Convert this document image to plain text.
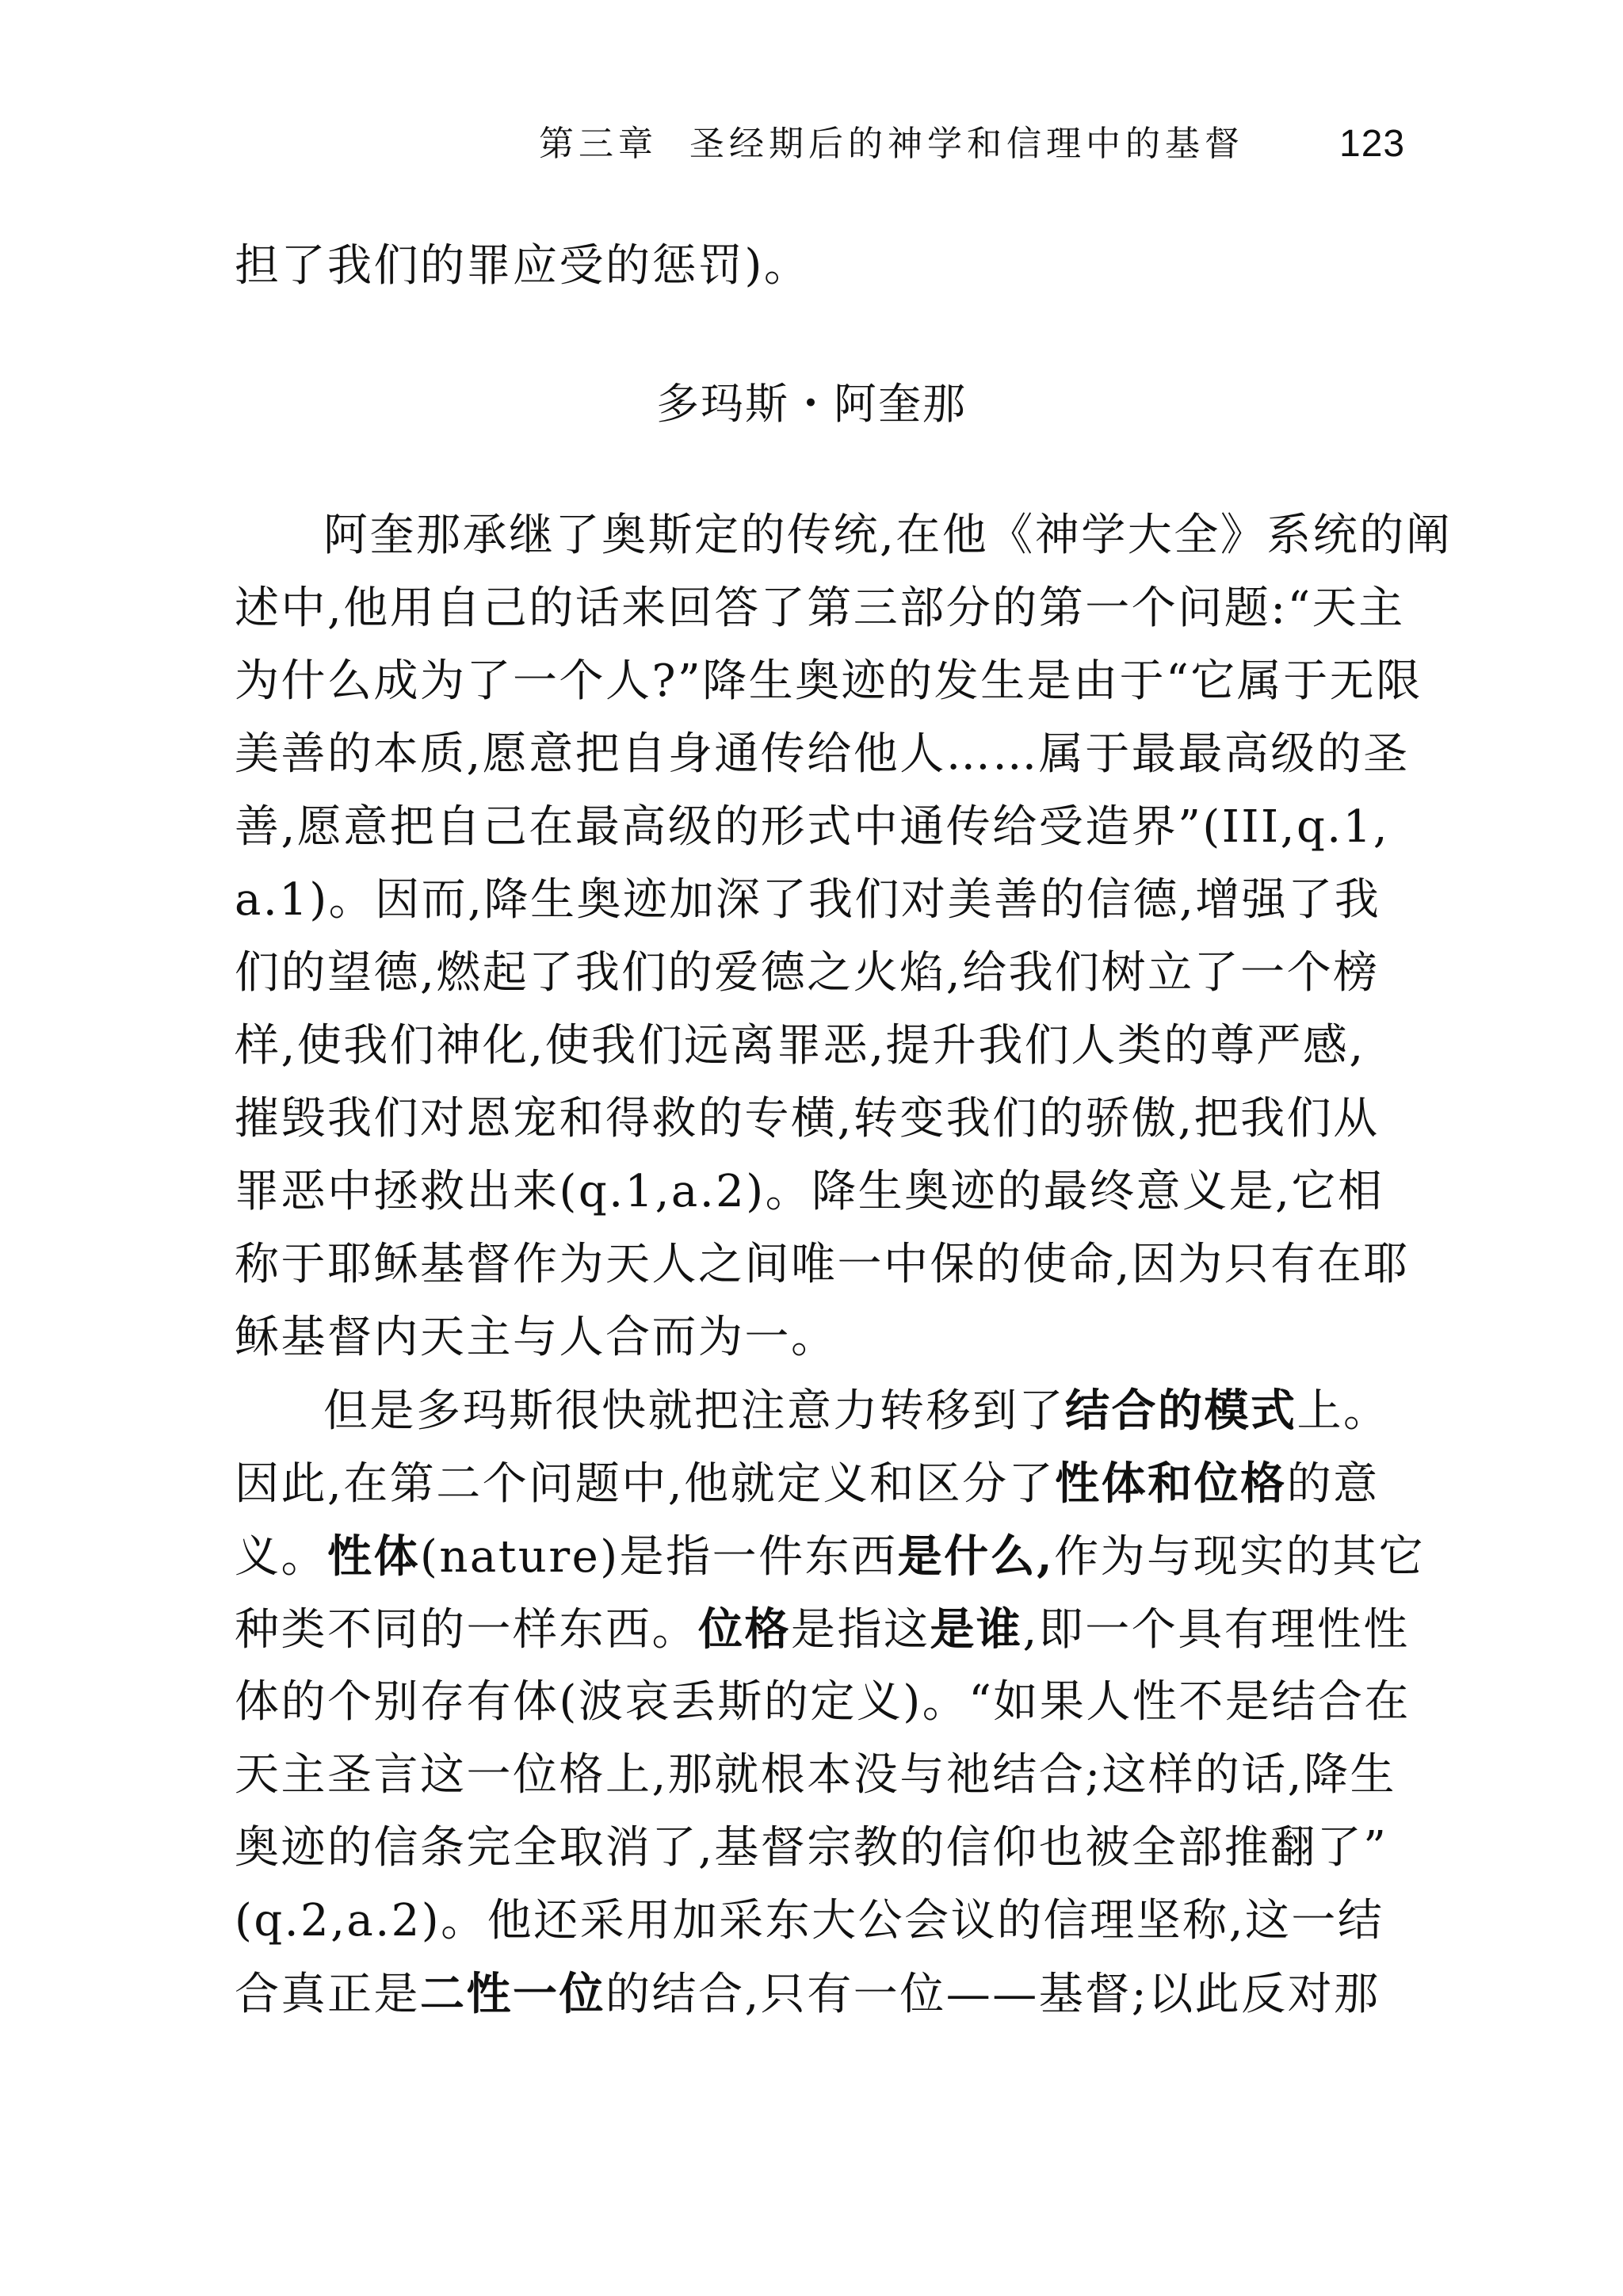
第三章 圣经期后的神学和信理中的基督	123
担了我们的罪应受的惩罚)。
多玛斯・阿奎那
阿奎那承继了奥斯定的传统,在他《神学大全》系统的阐
述中,他用自己的话来回答了第三部分的第一个问题:“天主
为什么成为了一个人?”降生奥迹的发生是由于“它属于无限
美善的本质,愿意把自身通传给他人……属于最最高级的圣
善,愿意把自己在最高级的形式中通传给受造界”(III,q.1,
a.1)。因而,降生奥迹加深了我们对美善的信德,增强了我
们的望德,燃起了我们的爱德之火焰,给我们树立了一个榜
样,使我们神化,使我们远离罪恶,提升我们人类的尊严感,
摧毁我们对恩宠和得救的专横,转变我们的骄傲,把我们从
罪恶中拯救出来(q.1,a.2)。降生奥迹的最终意义是,它相
称于耶稣基督作为天人之间唯一中保的使命,因为只有在耶
稣基督内天主与人合而为一。
但是多玛斯很快就把注意力转移到了结合的模式上。
因此,在第二个问题中,他就定义和区分了性体和位格的意
义。性体(nature)是指一件东西是什么,作为与现实的其它
种类不同的一样东西。位格是指这是谁,即一个具有理性性
体的个别存有体(波哀丢斯的定义)。“如果人性不是结合在
天主圣言这一位格上,那就根本没与祂结合;这样的话,降生
奥迹的信条完全取消了,基督宗教的信仰也被全部推翻了”
(q.2,a.2)。他还采用加采东大公会议的信理坚称,这一结
合真正是二性一位的结合,只有一位——基督;以此反对那
